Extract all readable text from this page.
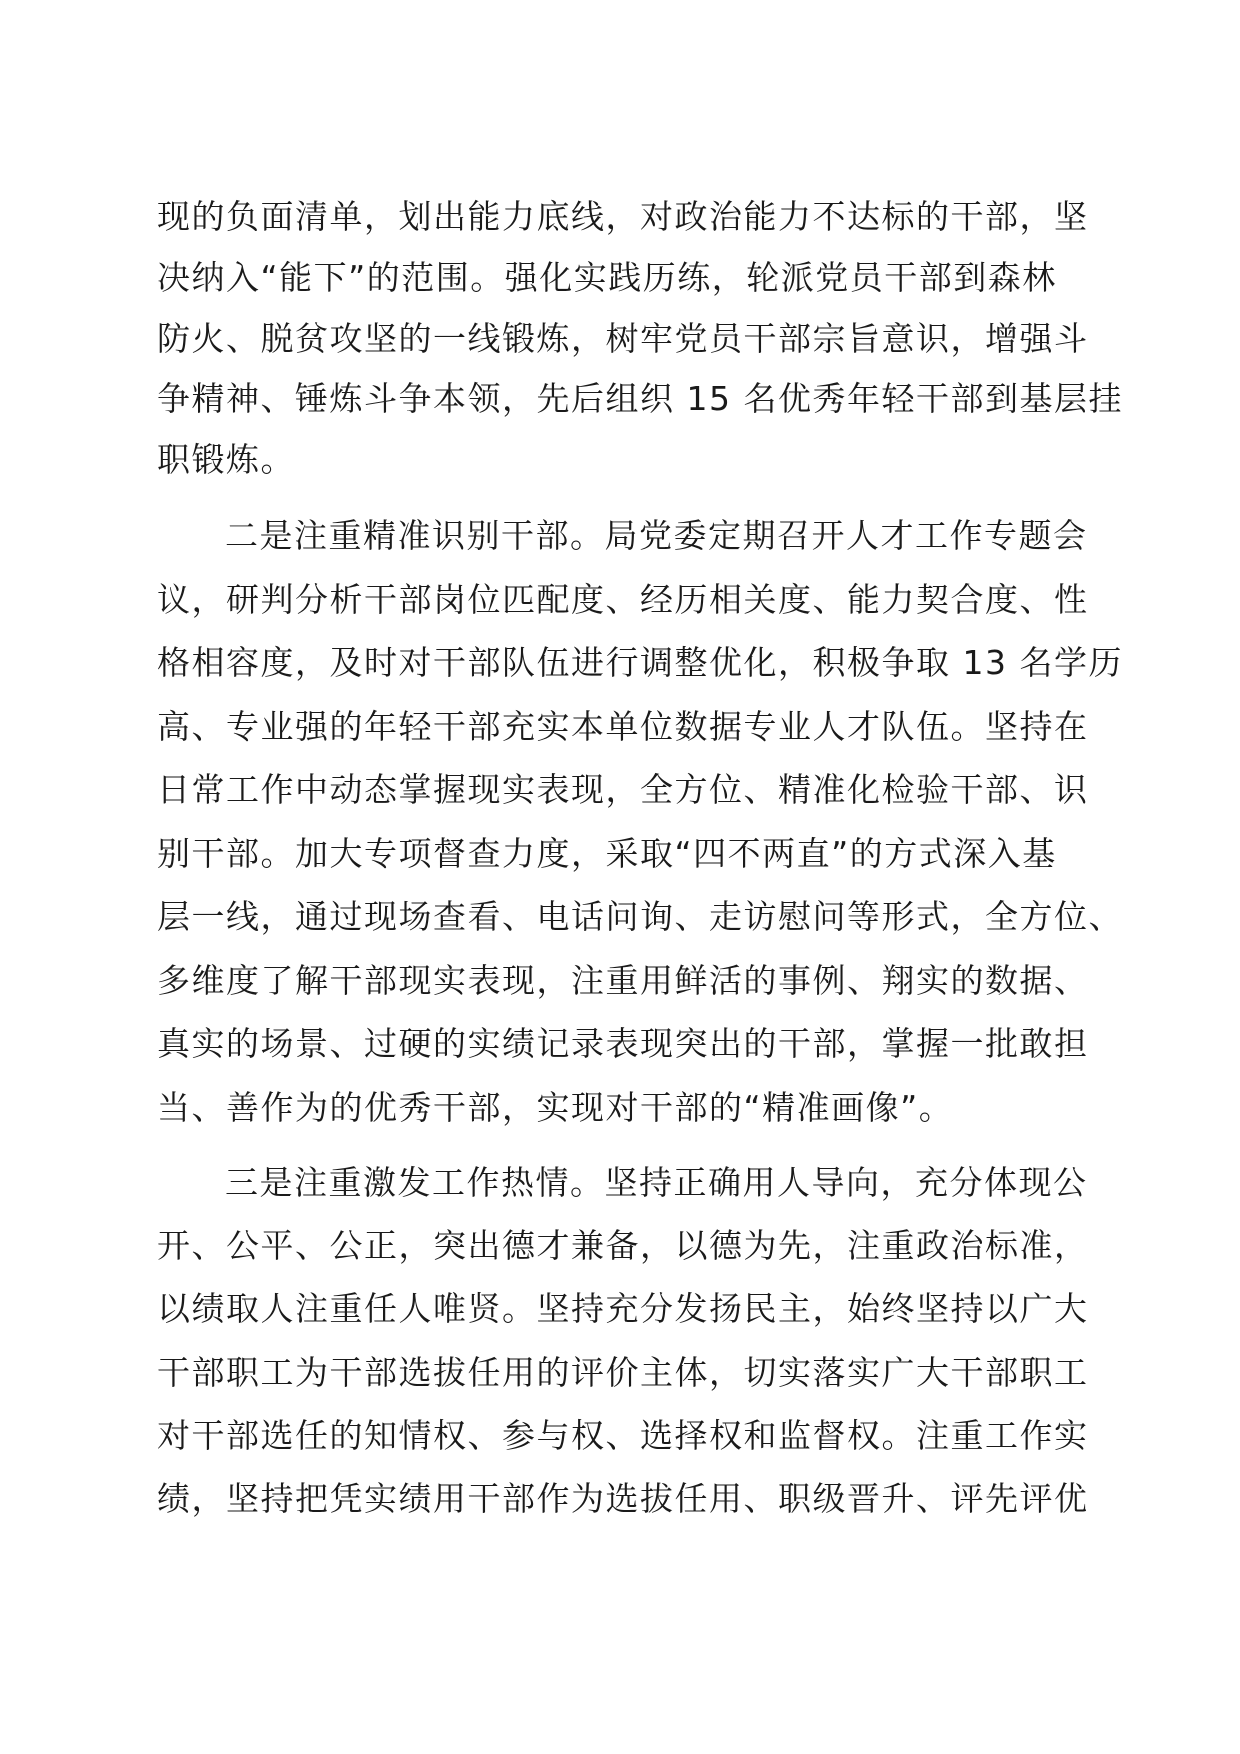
现的负面清单，划出能力底线，对政治能力不达标的干部，坚
决纳入“能下”的范围。强化实践历练，轮派党员干部到森林
防火、脱贫攻坚的一线锻炼，树牢党员干部宗旨意识，增强斗
争精神、锤炼斗争本领，先后组织 15 名优秀年轻干部到基层挂
职锻炼。
二是注重精准识别干部。局党委定期召开人才工作专题会
议，研判分析干部岗位匹配度、经历相关度、能力契合度、性
格相容度，及时对干部队伍进行调整优化，积极争取 13 名学历
高、专业强的年轻干部充实本单位数据专业人才队伍。坚持在
日常工作中动态掌握现实表现，全方位、精准化检验干部、识
别干部。加大专项督查力度，采取“四不两直”的方式深入基
层一线，通过现场查看、电话问询、走访慰问等形式，全方位、
多维度了解干部现实表现，注重用鲜活的事例、翔实的数据、
真实的场景、过硬的实绩记录表现突出的干部，掌握一批敢担
当、善作为的优秀干部，实现对干部的“精准画像”。
三是注重激发工作热情。坚持正确用人导向，充分体现公
开、公平、公正，突出德才兼备，以德为先，注重政治标准，
以绩取人注重任人唯贤。坚持充分发扬民主，始终坚持以广大
干部职工为干部选拔任用的评价主体，切实落实广大干部职工
对干部选任的知情权、参与权、选择权和监督权。注重工作实
绩，坚持把凭实绩用干部作为选拔任用、职级晋升、评先评优
